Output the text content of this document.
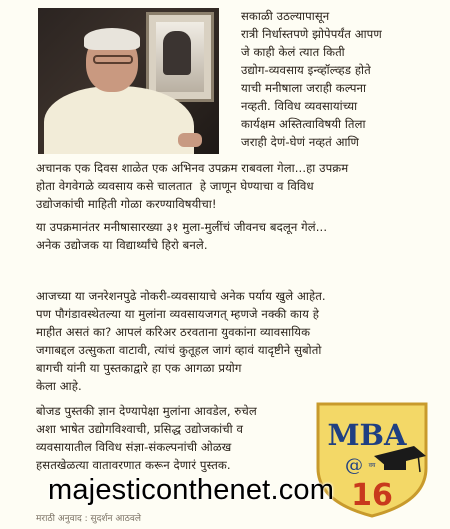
सकाळी उठल्यापासून
रात्री निर्धास्तपणे झोपेपर्यंत आपण
जे काही केलं त्यात किती
उद्योग-व्यवसाय इन्व्हॉल्व्हड होते
याची मनीषाला जराही कल्पना
नव्हती. विविध व्यवसायांच्या
कार्यक्षम अस्तित्वाविषयी तिला
जराही देणं-घेणं नव्हतं आणि

अचानक एक दिवस शाळेत एक अभिनव उपक्रम राबवला गेला...हा उपक्रम
होता वेगवेगळे व्यवसाय कसे चालतात  हे जाणून घेण्याचा व विविध
उद्योजकांची माहिती गोळा करण्याविषयीचा!

या उपक्रमानंतर मनीषासारख्या ३१ मुला-मुलींचं जीवनच बदलून गेलं...
अनेक उद्योजक या विद्यार्थ्यांचे हिरो बनले.

आजच्या या जनरेशनपुढे नोकरी-व्यवसायाचे अनेक पर्याय खुले आहेत.
पण पौगंडावस्थेतल्या या मुलांना व्यवसायजगत् म्हणजे नक्की काय हे
माहीत असतं का? आपलं करिअर ठरवताना युवकांना व्यावसायिक
जगाबद्दल उत्सुकता वाटावी, त्यांचं कुतूहल जागं व्हावं यादृष्टीने सुबोतो
बागची यांनी या पुस्तकाद्वारे हा एक आगळा प्रयोग
केला आहे.

बोजड पुस्तकी ज्ञान देण्यापेक्षा मुलांना आवडेल, रुचेल
अशा भाषेत उद्योगविश्वाची, प्रसिद्ध उद्योजकांची व
व्यवसायातील विविध संज्ञा-संकल्पनांची ओळख
हसतखेळत्या वातावरणात करून देणारं पुस्तक.

मराठी अनुवाद : सुदर्शन आठवले
MBA
@ वय
16
majesticonthenet.com
